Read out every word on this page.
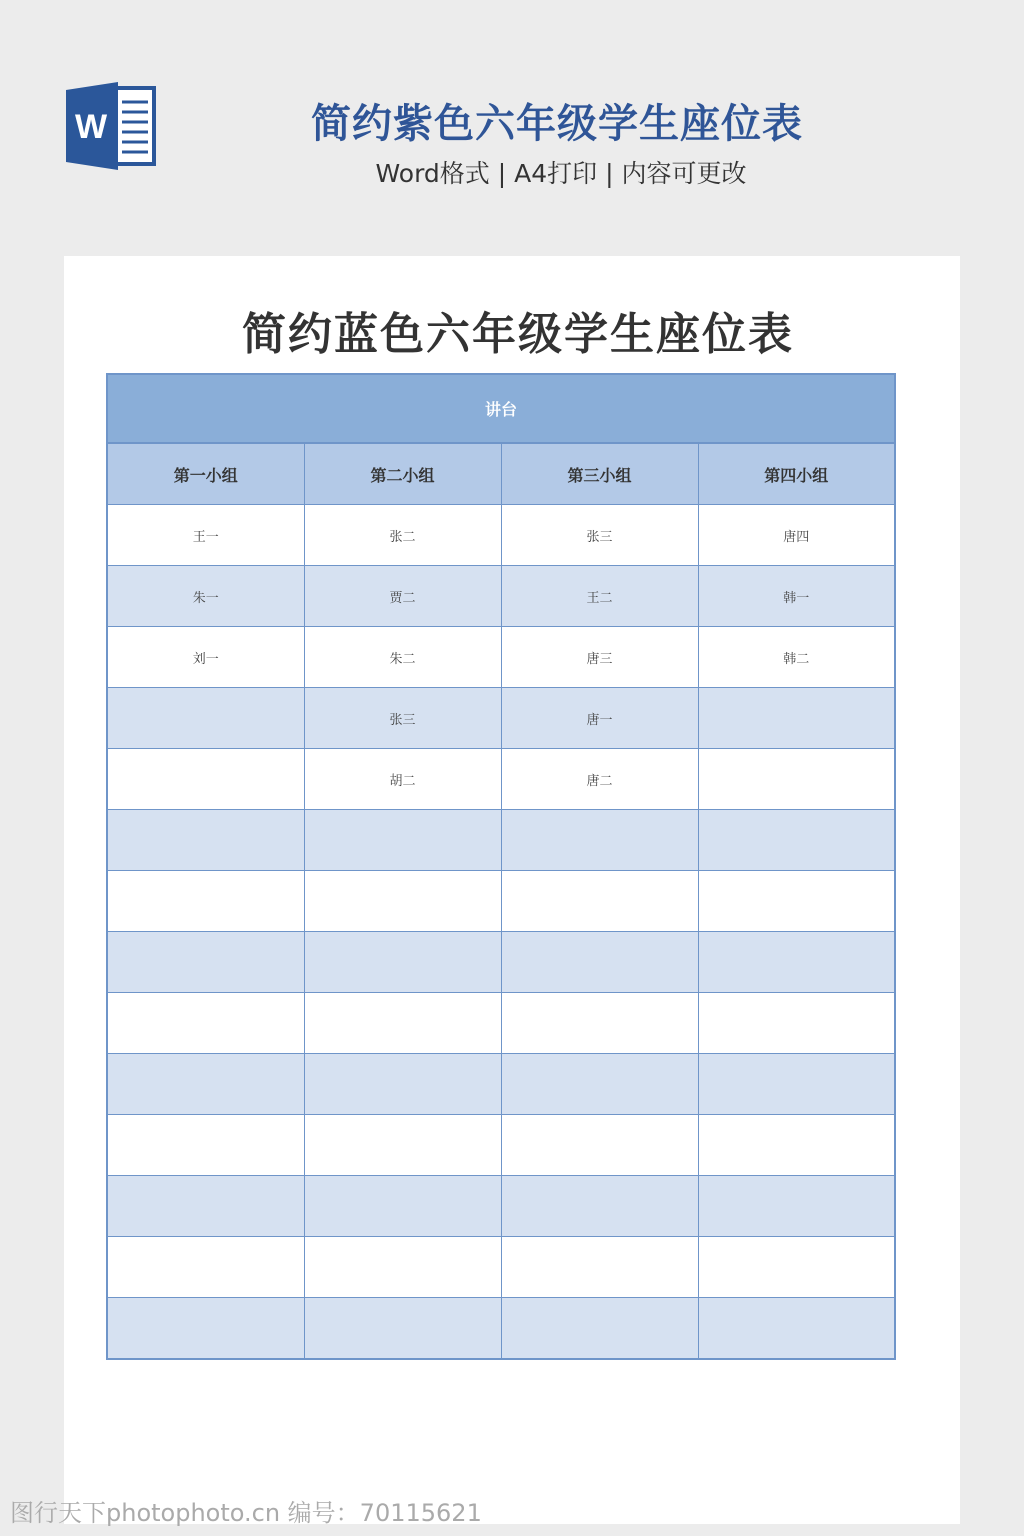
W	简约紫色六年级学生座位表
Word格式 | A4打印 | 内容可更改
简约蓝色六年级学生座位表
讲台			
第一小组	第二小组	第三小组	第四小组
王一	张二	张三	唐四
朱一	贾二	王二	韩一
刘一	朱二	唐三	韩二
	张三	唐一	
	胡二	唐二	

图行天下photophoto.cn 编号：70115621
